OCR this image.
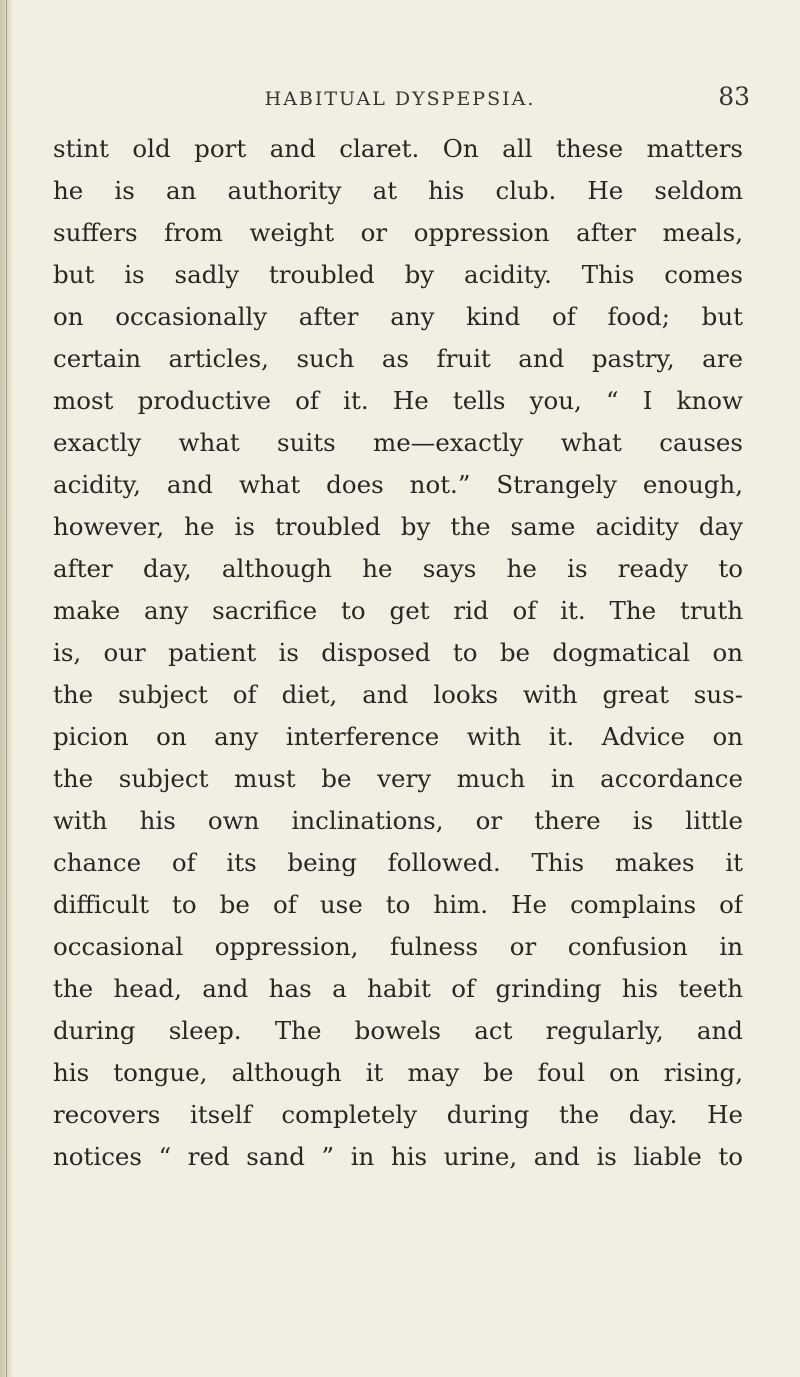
HABITUAL DYSPEPSIA.	83
stint old port and claret. On all these matters
he is an authority at his club. He seldom
suffers from weight or oppression after meals,
but is sadly troubled by acidity. This comes
on occasionally after any kind of food; but
certain articles, such as fruit and pastry, are
most productive of it. He tells you, “ I know
exactly what suits me—exactly what causes
acidity, and what does not.” Strangely enough,
however, he is troubled by the same acidity day
after day, although he says he is ready to
make any sacrifice to get rid of it. The truth
is, our patient is disposed to be dogmatical on
the subject of diet, and looks with great sus-
picion on any interference with it. Advice on
the subject must be very much in accordance
with his own inclinations, or there is little
chance of its being followed. This makes it
difficult to be of use to him. He complains of
occasional oppression, fulness or confusion in
the head, and has a habit of grinding his teeth
during sleep. The bowels act regularly, and
his tongue, although it may be foul on rising,
recovers itself completely during the day. He
notices “ red sand ” in his urine, and is liable to
